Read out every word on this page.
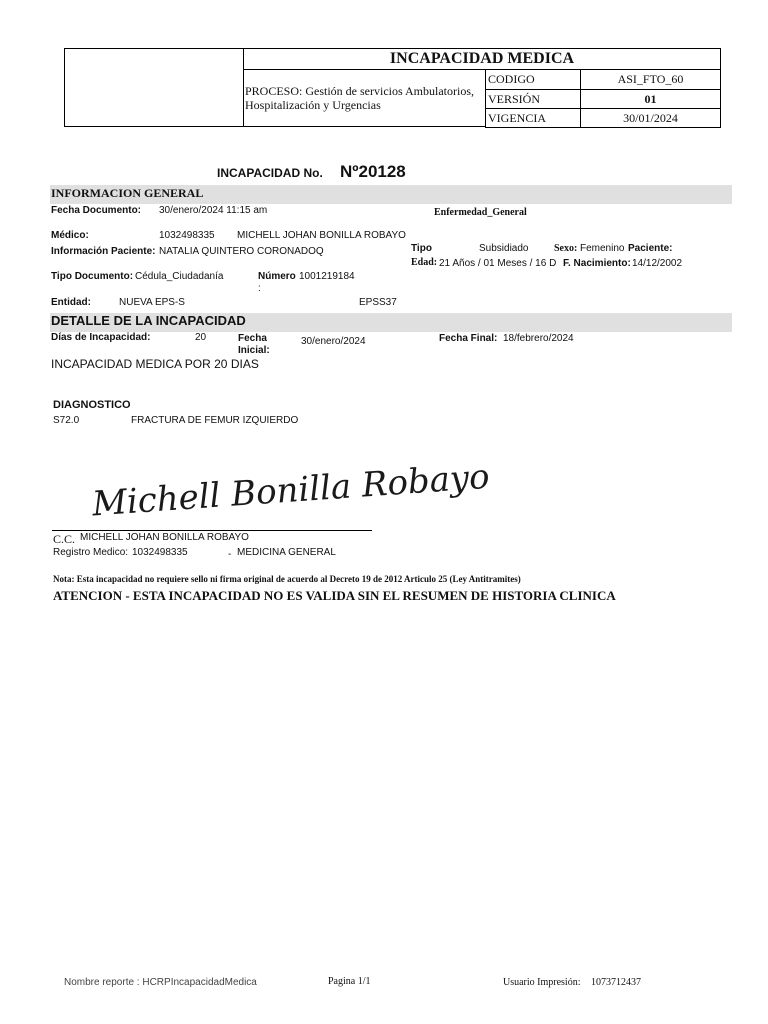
INCAPACIDAD MEDICA
PROCESO: Gestión de servicios Ambulatorios, Hospitalización y Urgencias
CODIGO	ASI_FTO_60
VERSIÓN	01
VIGENCIA	30/01/2024
INCAPACIDAD No. Nº20128
INFORMACION GENERAL
Fecha Documento: 30/enero/2024 11:15 am	Enfermedad_General
Médico:	1032498335 MICHELL JOHAN BONILLA ROBAYO
Información Paciente: NATALIA QUINTERO CORONADOQ	Tipo	Subsidiado	Sexo: Femenino Paciente:
Edad: 21 Años / 01 Meses / 16 D F. Nacimiento: 14/12/2002
Tipo Documento: Cédula_Ciudadanía	Número 1001219184
:
Entidad:	NUEVA EPS-S	EPSS37
DETALLE DE LA INCAPACIDAD
Días de Incapacidad:	20	Fecha
Inicial:
30/enero/2024	Fecha Final: 18/febrero/2024
INCAPACIDAD MEDICA POR 20 DIAS
DIAGNOSTICO
S72.0	FRACTURA DE FEMUR IZQUIERDO
Michell Bonilla Robayo
C.C. MICHELL JOHAN BONILLA ROBAYO
Registro Medico: 1032498335	- MEDICINA GENERAL
Nota: Esta incapacidad no requiere sello ni firma original de acuerdo al Decreto 19 de 2012 Articulo 25 (Ley Antitramites)
ATENCION - ESTA INCAPACIDAD NO ES VALIDA SIN EL RESUMEN DE HISTORIA CLINICA
Nombre reporte : HCRPIncapacidadMedica	Pagina 1/1	Usuario Impresión: 1073712437
